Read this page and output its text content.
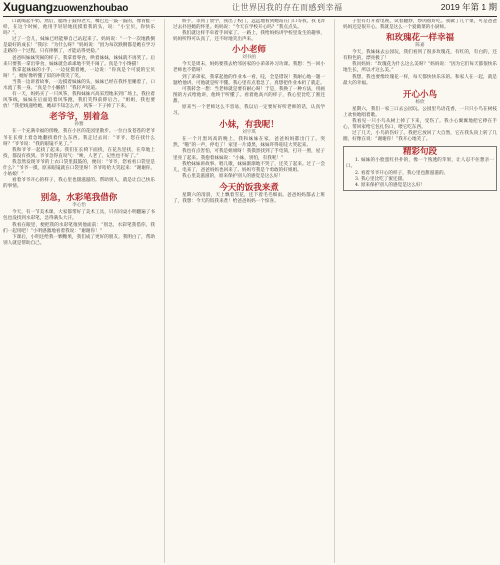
Xuguangzuowenzhoubao	让世界因我的存在而感到幸福	2019 年第 1 期

口就喝起牛奶。然后，腮帮子鼓得老大，嘴巴还一鼓一鼓的，像青蛙一样，在这个时候，他用手轻轻地抚摸着我的头，说：“小宝贝，你快乐吗？”。

过了一会儿，妹妹已经能够自己站起来了。妈妈说：“一个一次地跌倒是最好的成长！”我问：“为什么呀？”妈妈说：“因为每次跌倒都是她在学习走路的一个过程，只有摔倒了，才能站得更稳。”

爸爸叫妹妹哭闹的样子。我拿着零食，哄着妹妹，妹妹就不再哭了。后来只要我一拿出零食，妹妹就会乖乖地不哭不闹了。真是个小馋猫！

我拿起妹妹的小手，一边抚摸着她，一边说：“你真是个可爱的宝贝呀！”，她好像听懂了似的冲我笑了笑。

当我一边讲着故事，一边摸着妹妹的头，妹妹已经在我怀里睡着了，口水流了我一身。“真是个小懒猪！”我轻声说道。

有一天，妈妈买了一只风筝，我和妹妹兴高采烈地来到广场上。我拉着风筝线，妹妹在后面追着风筝跑，我们笑得前仰后合。“姐姐，我也要放！”我把线递给她，她却不知怎么弄，风筝一下子掉了下来。

老爷爷，别着急
孙雅

在一个充满幸福的傍晚，我在小区的花园里散步。一位白发苍苍的老爷爷在长椅上着急地翻找着什么东西。我走过去问：“爷爷，您在找什么呀？”爷爷说：“我的眼镜不见了。”

我和爷爷一起找了起来。我们在长椅下面找，在花丛里找，在草地上找，都没有找到。爷爷急得直叹气：“唉，人老了，记性也不好了。”

我忽然发现爷爷的上衣口袋里鼓鼓的，便问：“爷爷，您看看口袋里是什么？”爷爷一摸，原来眼镜就在口袋里呀！爷爷哈哈大笑起来：“谢谢你，小姑娘！”

看着爷爷开心的样子，我心里也甜滋滋的。帮助别人，就是让自己快乐的事情。

别急，水彩笔我借你
李心怡

今天，有一节美术课，大家都带好了美术工具，只有同桌小明翻遍了书包也没找到水彩笔，急得满头大汗。

我看在眼里，便把我的水彩笔推到他面前：“别急，水彩笔我借你，我们一起用吧！”小明感激地看着我说：“谢谢你！”

下课后，小明还给我一颗糖果，我们成了更好的朋友。我明白了，帮助别人就是帮助自己。

娇手，等到了放学，我出了校门，远远地看到她站在门口等我，我飞奔过去扑进她的怀里。妈妈说：“今天在学校开心吗？”我点点头。

我们就这样手牵着手回家了。一路上，我给妈妈讲学校里发生的趣事，妈妈听得可认真了，还不时地笑出声来。

小小老师
刘书函

今天是周末，妈妈要我去给邻居家的小弟弟补习功课。我想：当一回小老师也不错呀！

到了弟弟家，我拿起他的作业本一看，哇，全是错误！我耐心地一题一题给他讲，可他就是听不懂。我心里有点着急了，真想把作业本扔了就走。

可我转念一想：当老师就是要有耐心呀！于是，我换了一种方法，用画图的方式给他讲，他终于听懂了。看着他高兴的样子，我心里比吃了蜜还甜。

原来当一个老师这么不容易，我以后一定要好好听老师的话，认真学习。

小妹，有我呢！
刘宇琪

在一个月黑风高的晚上，我和妹妹在家，爸爸妈妈都出门了。突然，“啪”的一声，停电了！家里一片漆黑，妹妹吓得哇哇大哭起来。

我也有点害怕，可我是姐姐呀！我摸黑找到了手电筒，打开一照，屋子里亮了起来。我抱着妹妹说：“小妹，别怕，有我呢！”

我给妹妹讲故事、唱儿歌，妹妹渐渐地不哭了，还笑了起来。过了一会儿，电来了，爸爸妈妈也回来了。妈妈夸我是个勇敢的好姐姐。

我心里美滋滋的，原来保护别人的感觉是这么好！

今天的饭我来煮

星期六的清晨，天上飘着雪花，还下着毛毛细雨。爸爸妈妈都去上班了，我想：今天的饭我来煮！给爸爸妈妈一个惊喜。

子里有灯开着电视，试着翻炒，炒肉很好吃。我做了几个菜，可是爸爸妈妈还是很开心。我就是这么一个爱做菜的小厨师。

和玫瑰花一样幸福
陈嘉

今天，我妹妹去公园玩，我们看到了很多玫瑰花，有红的，有白的，还有粉色的，漂亮极了！

我问妈妈：“玫瑰花为什么这么美呀？”妈妈说：“因为它们每天都很快乐地生长，所以才这么美。”

我想，我也要像玫瑰花一样，每天都快快乐乐的。和家人在一起，就是最大的幸福。

开心小鸟
杨欣

星期六，我们一家三口去公园玩。公园里鸟语花香，一只只小鸟在树枝上欢快地唱着歌。

我看见一只小鸟从树上掉了下来，受伤了。我小心翼翼地把它捧在手心，带回家给它包扎伤口，喂它吃东西。

过了几天，小鸟的伤好了。我把它放回了大自然，它在我头顶上转了几圈，好像在说：“谢谢你！”我开心地笑了。

精彩句段

1. 妹妹的小脸蛋红扑扑的，像一个熟透的苹果，让人忍不住想亲一口。

2. 看着爷爷开心的样子，我心里也甜滋滋的。

3. 我心里比吃了蜜还甜。

4. 原来保护别人的感觉是这么好！
